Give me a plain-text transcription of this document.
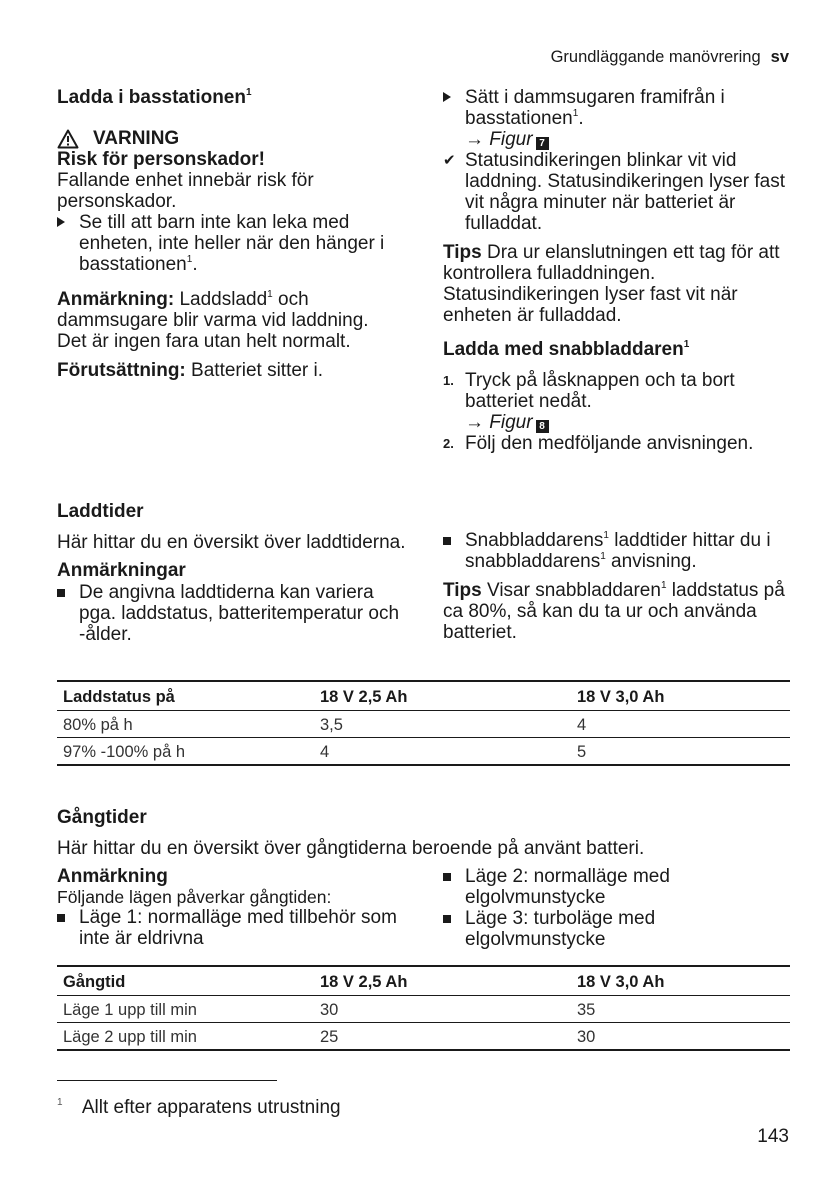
Grundläggande manövrering sv
Ladda i basstationen$^1$
VARNING

Risk för personskador!

Fallande enhet innebär risk för personskador.

Se till att barn inte kan leka med enheten, inte heller när den hänger i basstationen$^1$.

Anmärkning: Laddsladd$^1$ och dammsugare blir varma vid laddning. Det är ingen fara utan helt normalt.

Förutsättning: Batteriet sitter i.

Sätt i dammsugaren framifrån i basstationen$^1$.
→ Figur 7
✔ Statusindikeringen blinkar vit vid laddning. Statusindikeringen lyser fast vit några minuter när batteriet är fulladdat.

Tips Dra ur elanslutningen ett tag för att kontrollera fulladdningen. Statusindikeringen lyser fast vit när enheten är fulladdad.

Ladda med snabbladdaren$^1$
1. Tryck på låsknappen och ta bort batteriet nedåt.
→ Figur 8
2. Följ den medföljande anvisningen.
Laddtider

Här hittar du en översikt över laddtiderna.

Anmärkningar
De angivna laddtiderna kan variera pga. laddstatus, batteritemperatur och -ålder.
Snabbladdarens$^1$ laddtider hittar du i snabbladdarens$^1$ anvisning.

Tips Visar snabbladdaren$^1$ laddstatus på ca 80%, så kan du ta ur och använda batteriet.

Laddstatus på	18 V 2,5 Ah	18 V 3,0 Ah
80% på h	3,5	4
97% -100% på h	4	5
Gångtider

Här hittar du en översikt över gångtiderna beroende på använt batteri.

Anmärkning

Följande lägen påverkar gångtiden:

Läge 1: normalläge med tillbehör som inte är eldrivna
Läge 2: normalläge med elgolvmunstycke
Läge 3: turboläge med elgolvmunstycke
Gångtid	18 V 2,5 Ah	18 V 3,0 Ah
Läge 1 upp till min	30	35
Läge 2 upp till min	25	30
$^1$ Allt efter apparatens utrustning
143
